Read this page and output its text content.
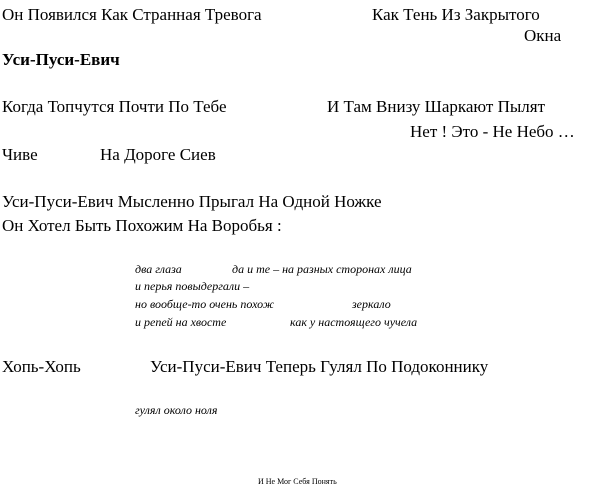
Он Появился Как Странная Тревога	Как Тень Из Закрытого
Окна
Уси-Пуси-Евич
Когда Топчутся Почти По Тебе	И Там Внизу Шаркают Пылят
Нет ! Это - Не Небо …
Чиве	На Дороге Сиев
Уси-Пуси-Евич Мысленно Прыгал На Одной Ножке
Он Хотел Быть Похожим На Воробья :
два глаза	да и те – на разных сторонах лица
и перья повыдергали –
но вообще-то очень похож	зеркало
и репей на хвосте	как у настоящего чучела
Хопь-Хопь	Уси-Пуси-Евич Теперь Гулял По Подоконнику
гулял около ноля
И Не Мог Себя Понять
